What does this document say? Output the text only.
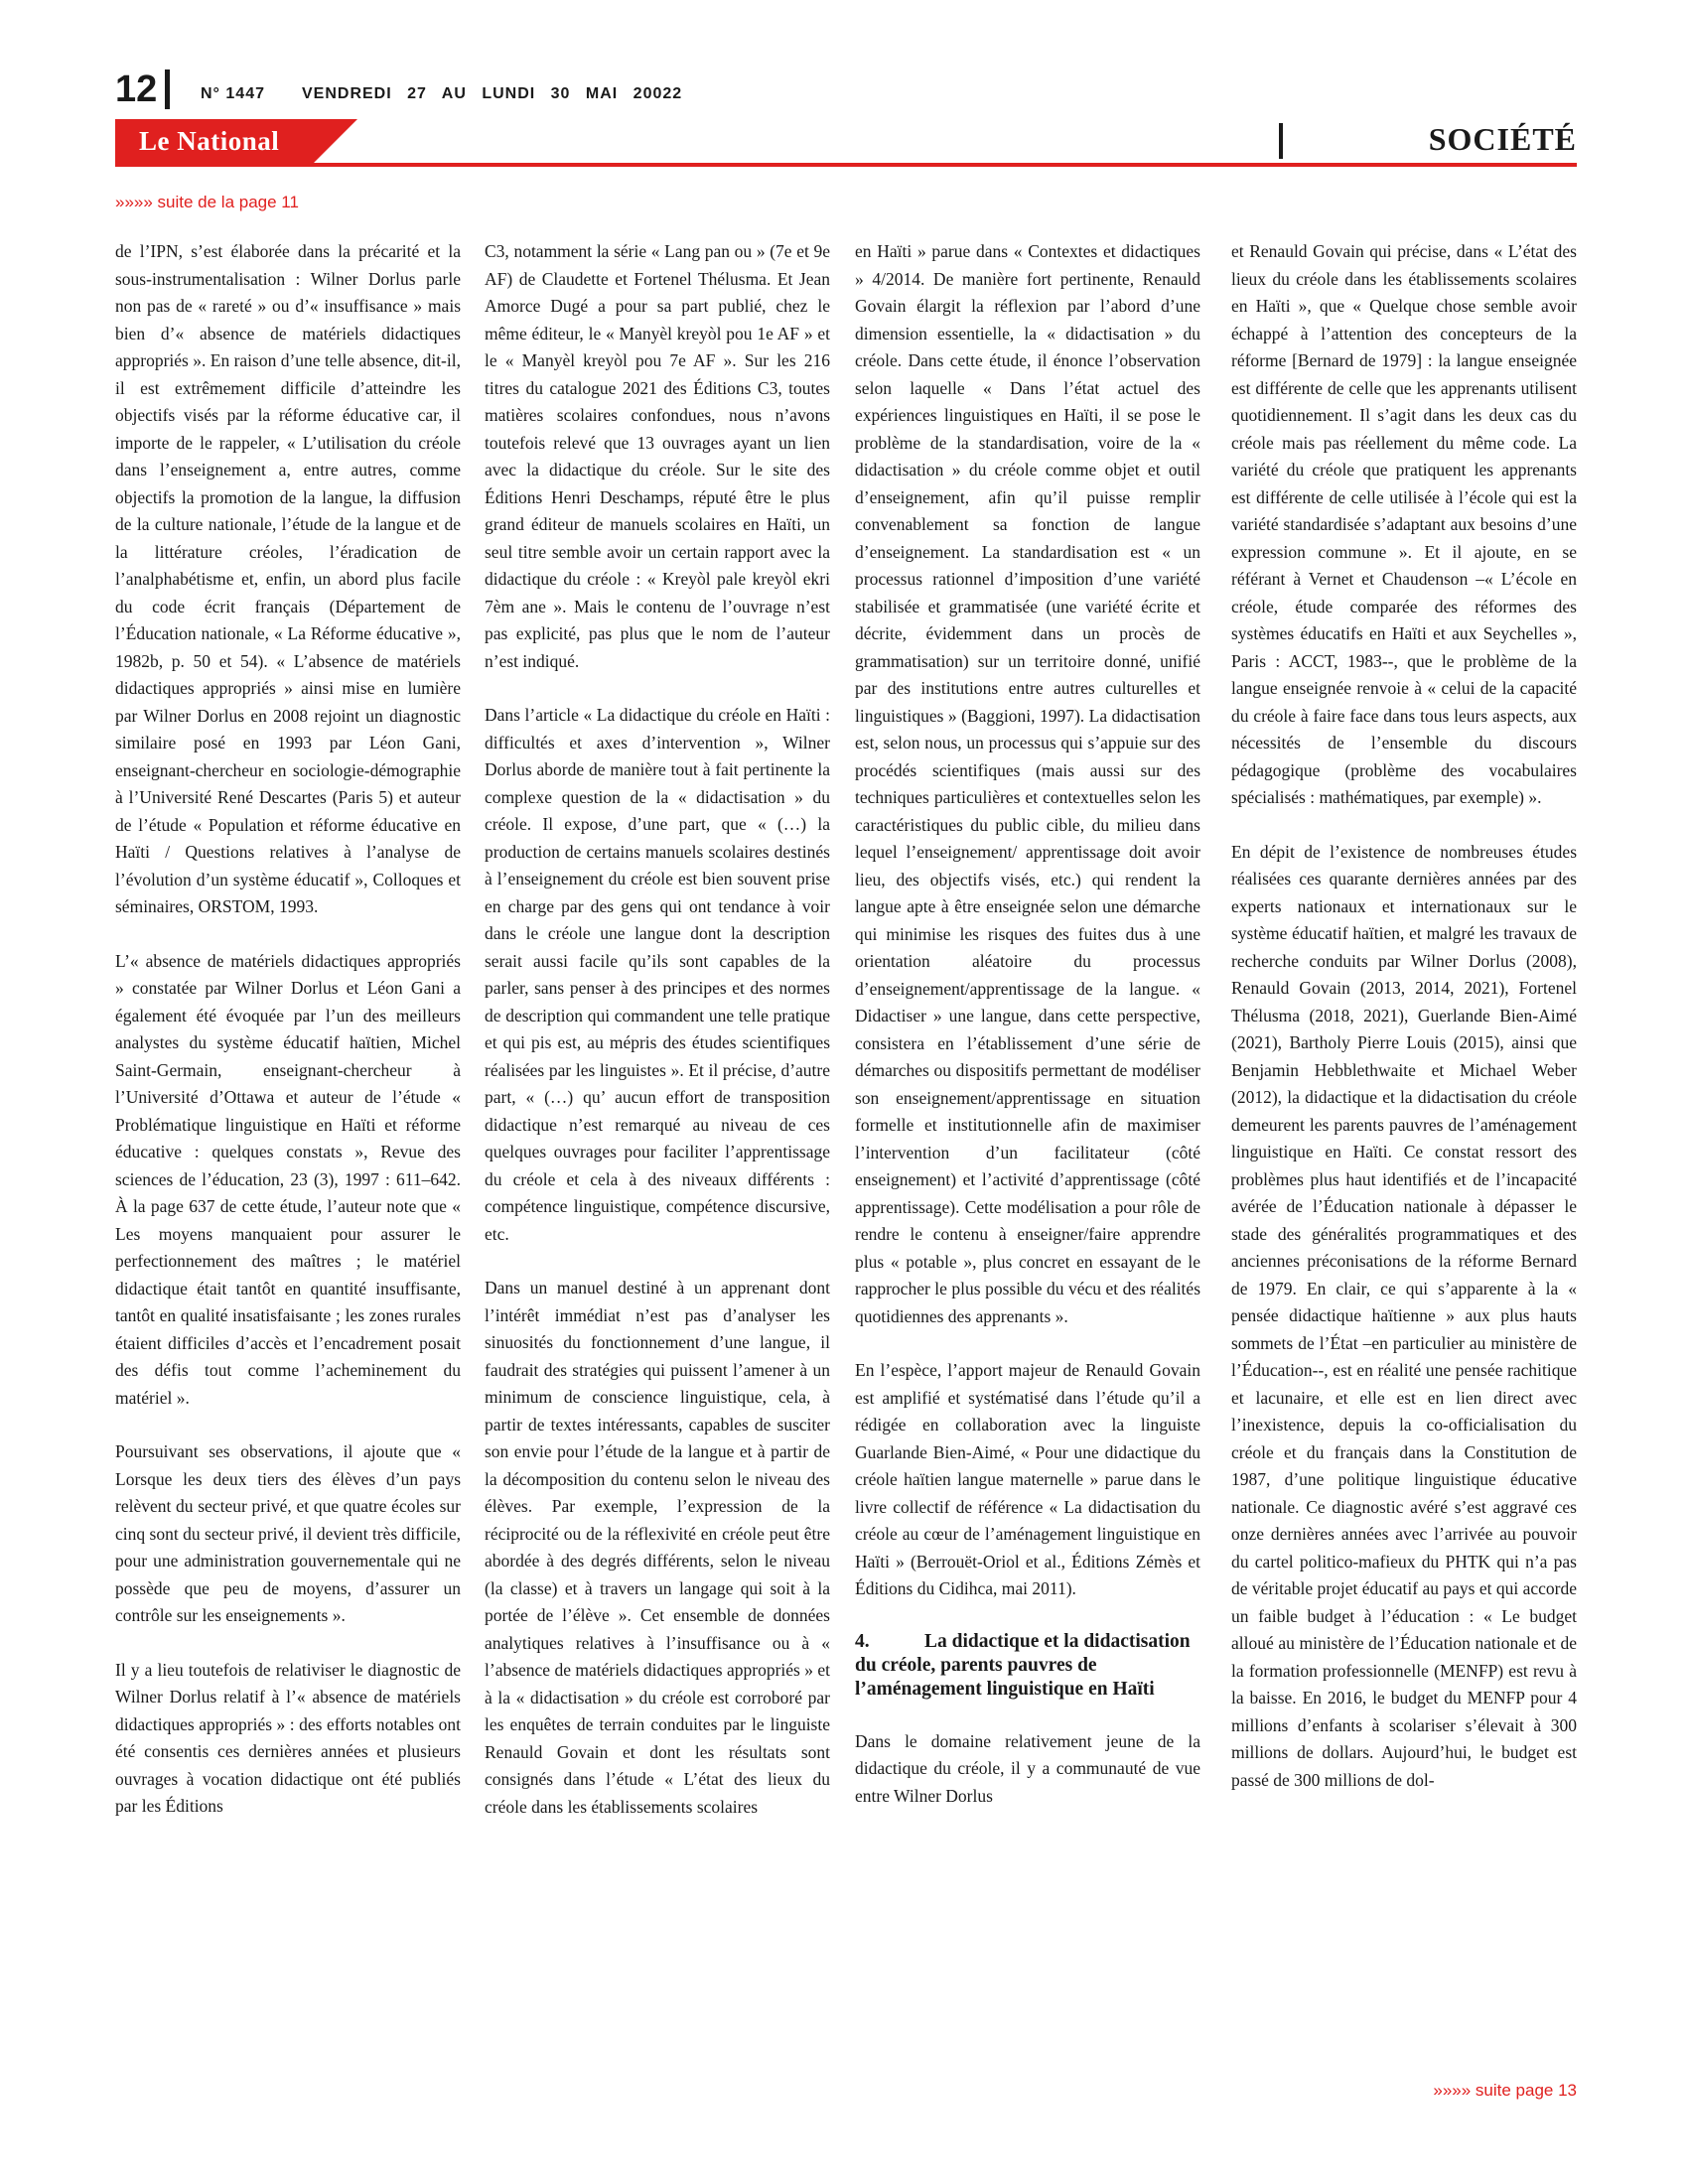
12	N° 1447 VENDREDI 27 AU LUNDI 30 MAI 20022
Le National	SOCIÉTÉ
»»»» suite de la page 11

de l’IPN, s’est élaborée dans la précarité et la sous-instrumentalisation : Wilner Dorlus parle non pas de « rareté » ou d’« insuffisance » mais bien d’« absence de matériels didactiques appropriés ». En raison d’une telle absence, dit-il, il est extrêmement difficile d’atteindre les objectifs visés par la réforme éducative car, il importe de le rappeler, « L’utilisation du créole dans l’enseignement a, entre autres, comme objectifs la promotion de la langue, la diffusion de la culture nationale, l’étude de la langue et de la littérature créoles, l’éradication de l’analphabétisme et, enfin, un abord plus facile du code écrit français (Département de l’Éducation nationale, « La Réforme éducative », 1982b, p. 50 et 54). « L’absence de matériels didactiques appropriés » ainsi mise en lumière par Wilner Dorlus en 2008 rejoint un diagnostic similaire posé en 1993 par Léon Gani, enseignant-chercheur en sociologie-démographie à l’Université René Descartes (Paris 5) et auteur de l’étude « Population et réforme éducative en Haïti / Questions relatives à l’analyse de l’évolution d’un système éducatif », Colloques et séminaires, ORSTOM, 1993.

L’« absence de matériels didactiques appropriés » constatée par Wilner Dorlus et Léon Gani a également été évoquée par l’un des meilleurs analystes du système éducatif haïtien, Michel Saint-Germain, enseignant-chercheur à l’Université d’Ottawa et auteur de l’étude « Problématique linguistique en Haïti et réforme éducative : quelques constats », Revue des sciences de l’éducation, 23 (3), 1997 : 611–642. À la page 637 de cette étude, l’auteur note que « Les moyens manquaient pour assurer le perfectionnement des maîtres ; le matériel didactique était tantôt en quantité insuffisante, tantôt en qualité insatisfaisante ; les zones rurales étaient difficiles d’accès et l’encadrement posait des défis tout comme l’acheminement du matériel ».

Poursuivant ses observations, il ajoute que « Lorsque les deux tiers des élèves d’un pays relèvent du secteur privé, et que quatre écoles sur cinq sont du secteur privé, il devient très difficile, pour une administration gouvernementale qui ne possède que peu de moyens, d’assurer un contrôle sur les enseignements ».

Il y a lieu toutefois de relativiser le diagnostic de Wilner Dorlus relatif à l’« absence de matériels didactiques appropriés » : des efforts notables ont été consentis ces dernières années et plusieurs ouvrages à vocation didactique ont été publiés par les Éditions

C3, notamment la série « Lang pan ou » (7e et 9e AF) de Claudette et Fortenel Thélusma. Et Jean Amorce Dugé a pour sa part publié, chez le même éditeur, le « Manyèl kreyòl pou 1e AF » et le « Manyèl kreyòl pou 7e AF ». Sur les 216 titres du catalogue 2021 des Éditions C3, toutes matières scolaires confondues, nous n’avons toutefois relevé que 13 ouvrages ayant un lien avec la didactique du créole. Sur le site des Éditions Henri Deschamps, réputé être le plus grand éditeur de manuels scolaires en Haïti, un seul titre semble avoir un certain rapport avec la didactique du créole : « Kreyòl pale kreyòl ekri 7èm ane ». Mais le contenu de l’ouvrage n’est pas explicité, pas plus que le nom de l’auteur n’est indiqué.

Dans l’article « La didactique du créole en Haïti : difficultés et axes d’intervention », Wilner Dorlus aborde de manière tout à fait pertinente la complexe question de la « didactisation » du créole. Il expose, d’une part, que « (…) la production de certains manuels scolaires destinés à l’enseignement du créole est bien souvent prise en charge par des gens qui ont tendance à voir dans le créole une langue dont la description serait aussi facile qu’ils sont capables de la parler, sans penser à des principes et des normes de description qui commandent une telle pratique et qui pis est, au mépris des études scientifiques réalisées par les linguistes ». Et il précise, d’autre part, « (…) qu’ aucun effort de transposition didactique n’est remarqué au niveau de ces quelques ouvrages pour faciliter l’apprentissage du créole et cela à des niveaux différents : compétence linguistique, compétence discursive, etc.

Dans un manuel destiné à un apprenant dont l’intérêt immédiat n’est pas d’analyser les sinuosités du fonctionnement d’une langue, il faudrait des stratégies qui puissent l’amener à un minimum de conscience linguistique, cela, à partir de textes intéressants, capables de susciter son envie pour l’étude de la langue et à partir de la décomposition du contenu selon le niveau des élèves. Par exemple, l’expression de la réciprocité ou de la réflexivité en créole peut être abordée à des degrés différents, selon le niveau (la classe) et à travers un langage qui soit à la portée de l’élève ». Cet ensemble de données analytiques relatives à l’insuffisance ou à « l’absence de matériels didactiques appropriés » et à la « didactisation » du créole est corroboré par les enquêtes de terrain conduites par le linguiste Renauld Govain et dont les résultats sont consignés dans l’étude « L’état des lieux du créole dans les établissements scolaires

en Haïti » parue dans « Contextes et didactiques » 4/2014. De manière fort pertinente, Renauld Govain élargit la réflexion par l’abord d’une dimension essentielle, la « didactisation » du créole. Dans cette étude, il énonce l’observation selon laquelle « Dans l’état actuel des expériences linguistiques en Haïti, il se pose le problème de la standardisation, voire de la « didactisation » du créole comme objet et outil d’enseignement, afin qu’il puisse remplir convenablement sa fonction de langue d’enseignement. La standardisation est « un processus rationnel d’imposition d’une variété stabilisée et grammatisée (une variété écrite et décrite, évidemment dans un procès de grammatisation) sur un territoire donné, unifié par des institutions entre autres culturelles et linguistiques » (Baggioni, 1997). La didactisation est, selon nous, un processus qui s’appuie sur des procédés scientifiques (mais aussi sur des techniques particulières et contextuelles selon les caractéristiques du public cible, du milieu dans lequel l’enseignement/ apprentissage doit avoir lieu, des objectifs visés, etc.) qui rendent la langue apte à être enseignée selon une démarche qui minimise les risques des fuites dus à une orientation aléatoire du processus d’enseignement/apprentissage de la langue. « Didactiser » une langue, dans cette perspective, consistera en l’établissement d’une série de démarches ou dispositifs permettant de modéliser son enseignement/apprentissage en situation formelle et institutionnelle afin de maximiser l’intervention d’un facilitateur (côté enseignement) et l’activité d’apprentissage (côté apprentissage). Cette modélisation a pour rôle de rendre le contenu à enseigner/faire apprendre plus « potable », plus concret en essayant de le rapprocher le plus possible du vécu et des réalités quotidiennes des apprenants ».

En l’espèce, l’apport majeur de Renauld Govain est amplifié et systématisé dans l’étude qu’il a rédigée en collaboration avec la linguiste Guarlande Bien-Aimé, « Pour une didactique du créole haïtien langue maternelle » parue dans le livre collectif de référence « La didactisation du créole au cœur de l’aménagement linguistique en Haïti » (Berrouët-Oriol et al., Éditions Zémès et Éditions du Cidihca, mai 2011).

4.	La didactique et la didactisation du créole, parents pauvres de l’aménagement linguistique en Haïti

Dans le domaine relativement jeune de la didactique du créole, il y a communauté de vue entre Wilner Dorlus

et Renauld Govain qui précise, dans « L’état des lieux du créole dans les établissements scolaires en Haïti », que « Quelque chose semble avoir échappé à l’attention des concepteurs de la réforme [Bernard de 1979] : la langue enseignée est différente de celle que les apprenants utilisent quotidiennement. Il s’agit dans les deux cas du créole mais pas réellement du même code. La variété du créole que pratiquent les apprenants est différente de celle utilisée à l’école qui est la variété standardisée s’adaptant aux besoins d’une expression commune ». Et il ajoute, en se référant à Vernet et Chaudenson –« L’école en créole, étude comparée des réformes des systèmes éducatifs en Haïti et aux Seychelles », Paris : ACCT, 1983--, que le problème de la langue enseignée renvoie à « celui de la capacité du créole à faire face dans tous leurs aspects, aux nécessités de l’ensemble du discours pédagogique (problème des vocabulaires spécialisés : mathématiques, par exemple) ».

En dépit de l’existence de nombreuses études réalisées ces quarante dernières années par des experts nationaux et internationaux sur le système éducatif haïtien, et malgré les travaux de recherche conduits par Wilner Dorlus (2008), Renauld Govain (2013, 2014, 2021), Fortenel Thélusma (2018, 2021), Guerlande Bien-Aimé (2021), Bartholy Pierre Louis (2015), ainsi que Benjamin Hebblethwaite et Michael Weber (2012), la didactique et la didactisation du créole demeurent les parents pauvres de l’aménagement linguistique en Haïti. Ce constat ressort des problèmes plus haut identifiés et de l’incapacité avérée de l’Éducation nationale à dépasser le stade des généralités programmatiques et des anciennes préconisations de la réforme Bernard de 1979. En clair, ce qui s’apparente à la « pensée didactique haïtienne » aux plus hauts sommets de l’État –en particulier au ministère de l’Éducation--, est en réalité une pensée rachitique et lacunaire, et elle est en lien direct avec l’inexistence, depuis la co-officialisation du créole et du français dans la Constitution de 1987, d’une politique linguistique éducative nationale. Ce diagnostic avéré s’est aggravé ces onze dernières années avec l’arrivée au pouvoir du cartel politico-mafieux du PHTK qui n’a pas de véritable projet éducatif au pays et qui accorde un faible budget à l’éducation : « Le budget alloué au ministère de l’Éducation nationale et de la formation professionnelle (MENFP) est revu à la baisse. En 2016, le budget du MENFP pour 4 millions d’enfants à scolariser s’élevait à 300 millions de dollars. Aujourd’hui, le budget est passé de 300 millions de dol-

»»»» suite page 13
